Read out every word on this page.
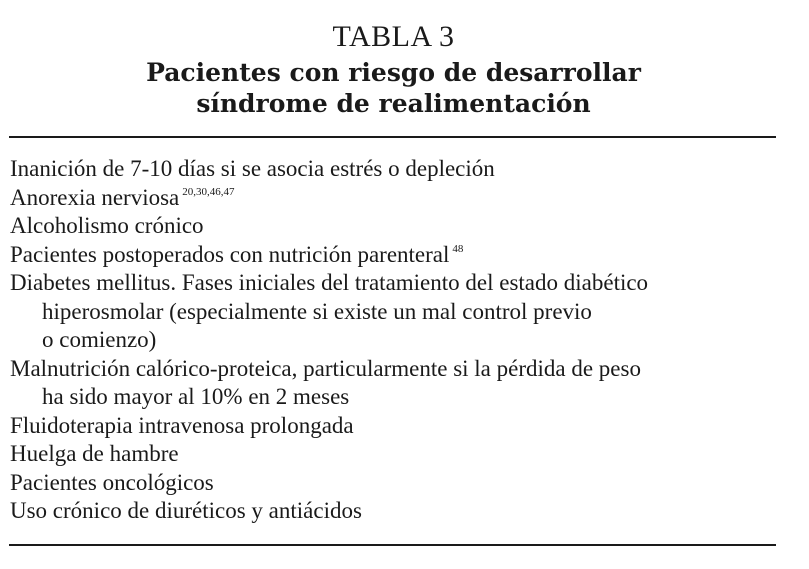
TABLA 3
Pacientes con riesgo de desarrollar
síndrome de realimentación
Inanición de 7-10 días si se asocia estrés o depleción
Anorexia nerviosa $^{20,30,46,47}$
Alcoholismo crónico
Pacientes postoperados con nutrición parenteral $^{48}$
Diabetes mellitus. Fases iniciales del tratamiento del estado diabético
hiperosmolar (especialmente si existe un mal control previo
o comienzo)
Malnutrición calórico-proteica, particularmente si la pérdida de peso
ha sido mayor al 10% en 2 meses
Fluidoterapia intravenosa prolongada
Huelga de hambre
Pacientes oncológicos
Uso crónico de diuréticos y antiácidos
